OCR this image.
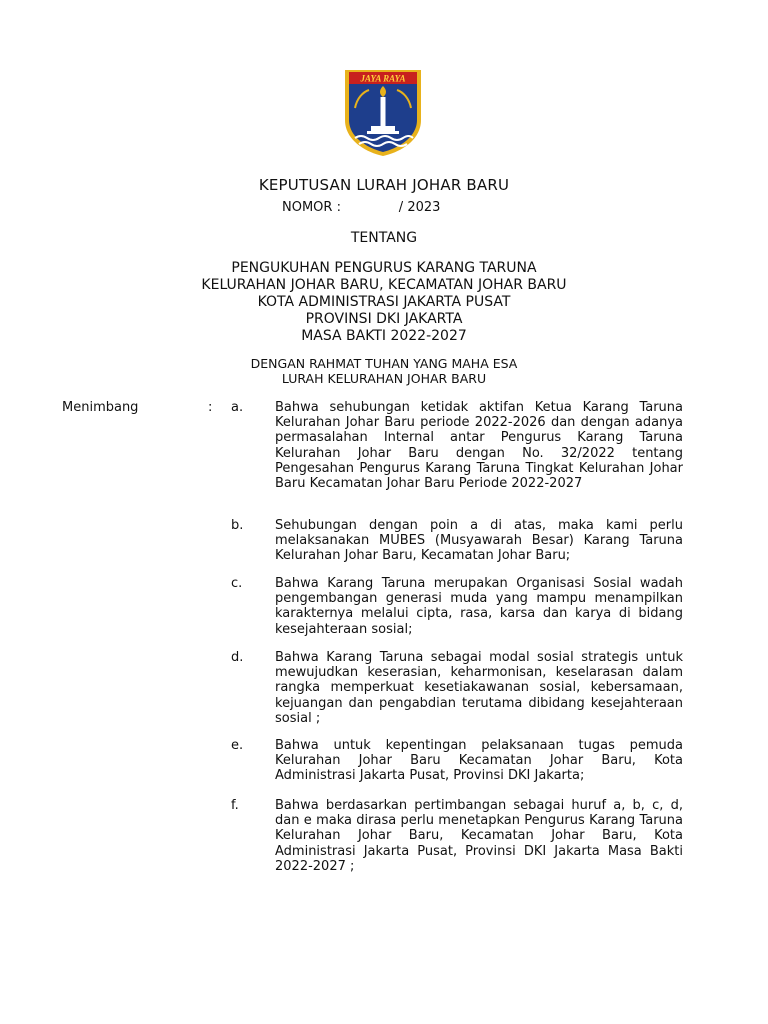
JAYA RAYA
KEPUTUSAN LURAH JOHAR BARU
NOMOR :              / 2023
TENTANG
PENGUKUHAN PENGURUS KARANG TARUNA
KELURAHAN JOHAR BARU, KECAMATAN JOHAR BARU
KOTA ADMINISTRASI JAKARTA PUSAT
PROVINSI DKI JAKARTA
MASA BAKTI 2022-2027
DENGAN RAHMAT TUHAN YANG MAHA ESA
LURAH KELURAHAN JOHAR BARU
Menimbang	: a. Bahwa sehubungan ketidak aktifan Ketua Karang Taruna Kelurahan Johar Baru periode 2022-2026 dan dengan adanya permasalahan Internal antar Pengurus Karang Taruna Kelurahan Johar Baru dengan No. 32/2022 tentang Pengesahan Pengurus Karang Taruna Tingkat Kelurahan Johar Baru Kecamatan Johar Baru Periode 2022-2027
b. Sehubungan dengan poin a di atas, maka kami perlu melaksanakan MUBES (Musyawarah Besar) Karang Taruna Kelurahan Johar Baru, Kecamatan Johar Baru;
c.	Bahwa Karang Taruna merupakan Organisasi Sosial wadah pengembangan generasi muda yang mampu menampilkan karakternya melalui cipta, rasa, karsa dan karya di bidang kesejahteraan sosial;
d. Bahwa Karang Taruna sebagai modal sosial strategis untuk mewujudkan keserasian, keharmonisan, keselarasan dalam rangka memperkuat kesetiakawanan sosial, kebersamaan, kejuangan dan pengabdian terutama dibidang kesejahteraan sosial ;
e. Bahwa untuk kepentingan pelaksanaan tugas pemuda Kelurahan Johar Baru Kecamatan Johar Baru, Kota Administrasi Jakarta Pusat, Provinsi DKI Jakarta;
f.	Bahwa berdasarkan pertimbangan sebagai huruf a, b, c, d, dan e maka dirasa perlu menetapkan Pengurus Karang Taruna Kelurahan Johar Baru, Kecamatan Johar Baru, Kota Administrasi Jakarta Pusat, Provinsi DKI Jakarta Masa Bakti 2022-2027 ;
